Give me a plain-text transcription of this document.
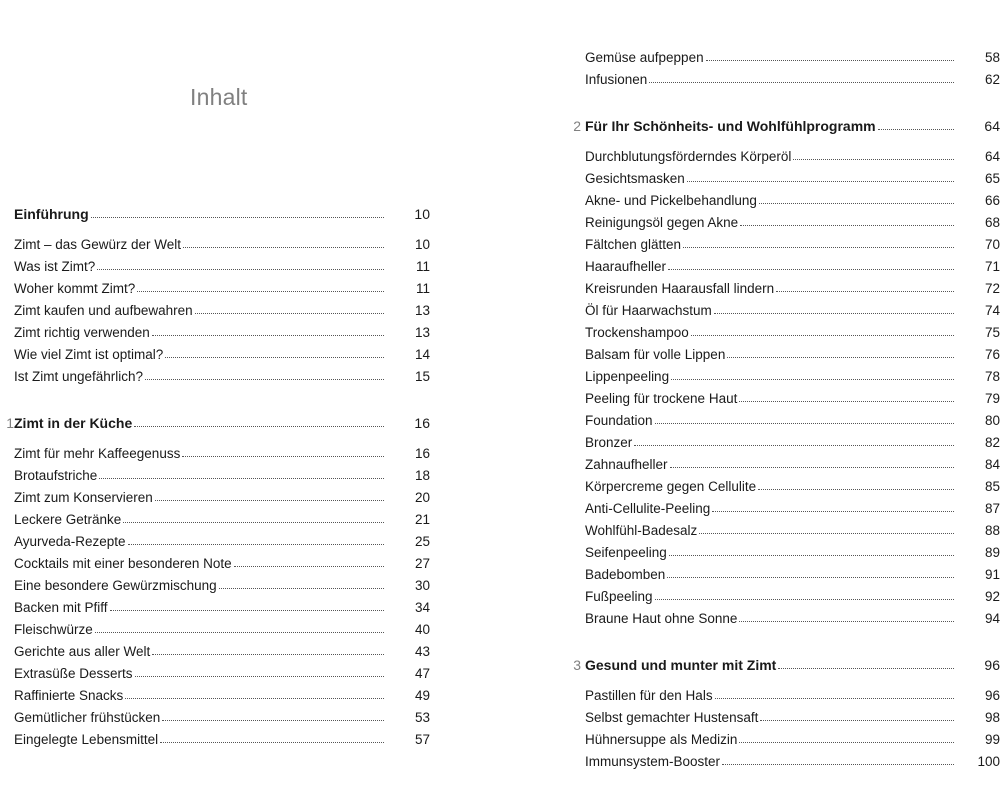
Inhalt
Einführung	10
Zimt – das Gewürz der Welt	10
Was ist Zimt?	11
Woher kommt Zimt?	11
Zimt kaufen und aufbewahren	13
Zimt richtig verwenden	13
Wie viel Zimt ist optimal?	14
Ist Zimt ungefährlich?	15
1 Zimt in der Küche	16
Zimt für mehr Kaffeegenuss	16
Brotaufstriche	18
Zimt zum Konservieren	20
Leckere Getränke	21
Ayurveda-Rezepte	25
Cocktails mit einer besonderen Note	27
Eine besondere Gewürzmischung	30
Backen mit Pfiff	34
Fleischwürze	40
Gerichte aus aller Welt	43
Extrasüße Desserts	47
Raffinierte Snacks	49
Gemütlicher frühstücken	53
Eingelegte Lebensmittel	57
Gemüse aufpeppen	58
Infusionen	62
2 Für Ihr Schönheits- und Wohlfühlprogramm	64
Durchblutungsförderndes Körperöl	64
Gesichtsmasken	65
Akne- und Pickelbehandlung	66
Reinigungsöl gegen Akne	68
Fältchen glätten	70
Haaraufheller	71
Kreisrunden Haarausfall lindern	72
Öl für Haarwachstum	74
Trockenshampoo	75
Balsam für volle Lippen	76
Lippenpeeling	78
Peeling für trockene Haut	79
Foundation	80
Bronzer	82
Zahnaufheller	84
Körpercreme gegen Cellulite	85
Anti-Cellulite-Peeling	87
Wohlfühl-Badesalz	88
Seifenpeeling	89
Badebomben	91
Fußpeeling	92
Braune Haut ohne Sonne	94
3 Gesund und munter mit Zimt	96
Pastillen für den Hals	96
Selbst gemachter Hustensaft	98
Hühnersuppe als Medizin	99
Immunsystem-Booster	100
